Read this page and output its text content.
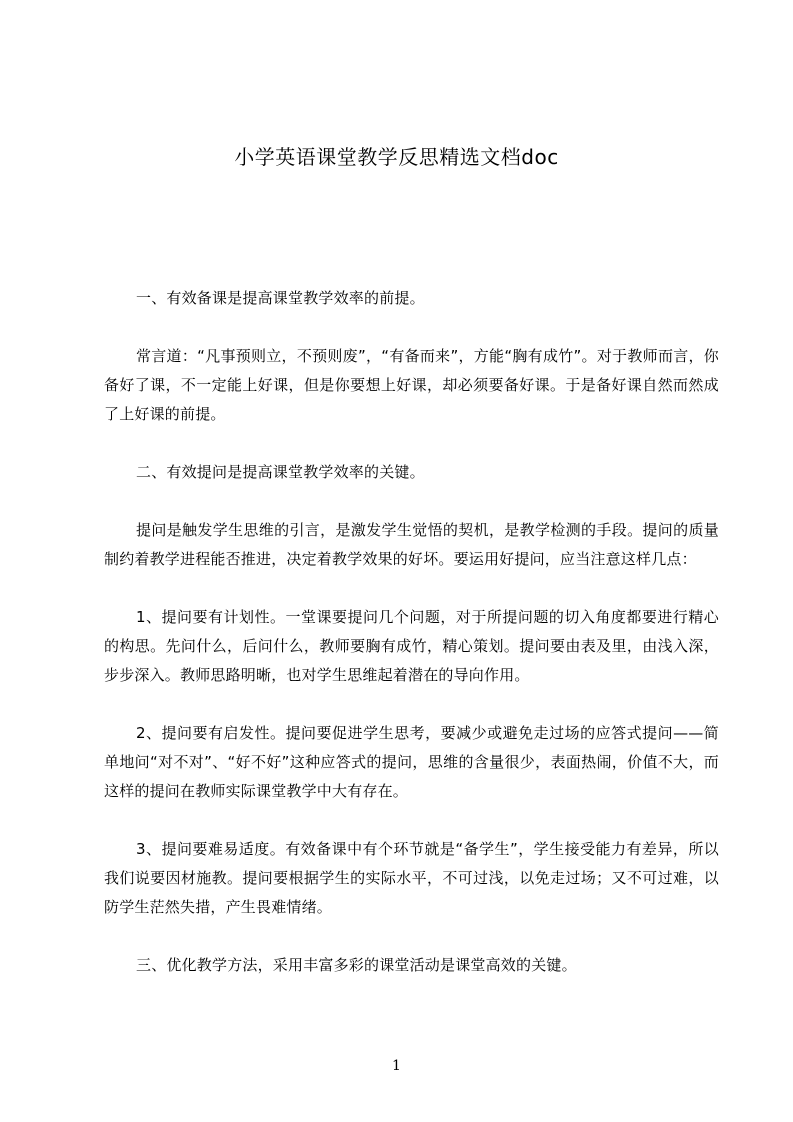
小学英语课堂教学反思精选文档doc

一、有效备课是提高课堂教学效率的前提。

常言道：“凡事预则立，不预则废”，“有备而来”，方能“胸有成竹”。对于教师而言，你备好了课，不一定能上好课，但是你要想上好课，却必须要备好课。于是备好课自然而然成了上好课的前提。

二、有效提问是提高课堂教学效率的关键。

提问是触发学生思维的引言，是激发学生觉悟的契机，是教学检测的手段。提问的质量制约着教学进程能否推进，决定着教学效果的好坏。要运用好提问，应当注意这样几点：

1、提问要有计划性。一堂课要提问几个问题，对于所提问题的切入角度都要进行精心的构思。先问什么，后问什么，教师要胸有成竹，精心策划。提问要由表及里，由浅入深，步步深入。教师思路明晰，也对学生思维起着潜在的导向作用。

2、提问要有启发性。提问要促进学生思考，要减少或避免走过场的应答式提问——简单地问“对不对”、“好不好”这种应答式的提问，思维的含量很少，表面热闹，价值不大，而这样的提问在教师实际课堂教学中大有存在。

3、提问要难易适度。有效备课中有个环节就是“备学生”，学生接受能力有差异，所以我们说要因材施教。提问要根据学生的实际水平，不可过浅，以免走过场；又不可过难，以防学生茫然失措，产生畏难情绪。

三、优化教学方法，采用丰富多彩的课堂活动是课堂高效的关键。

1
